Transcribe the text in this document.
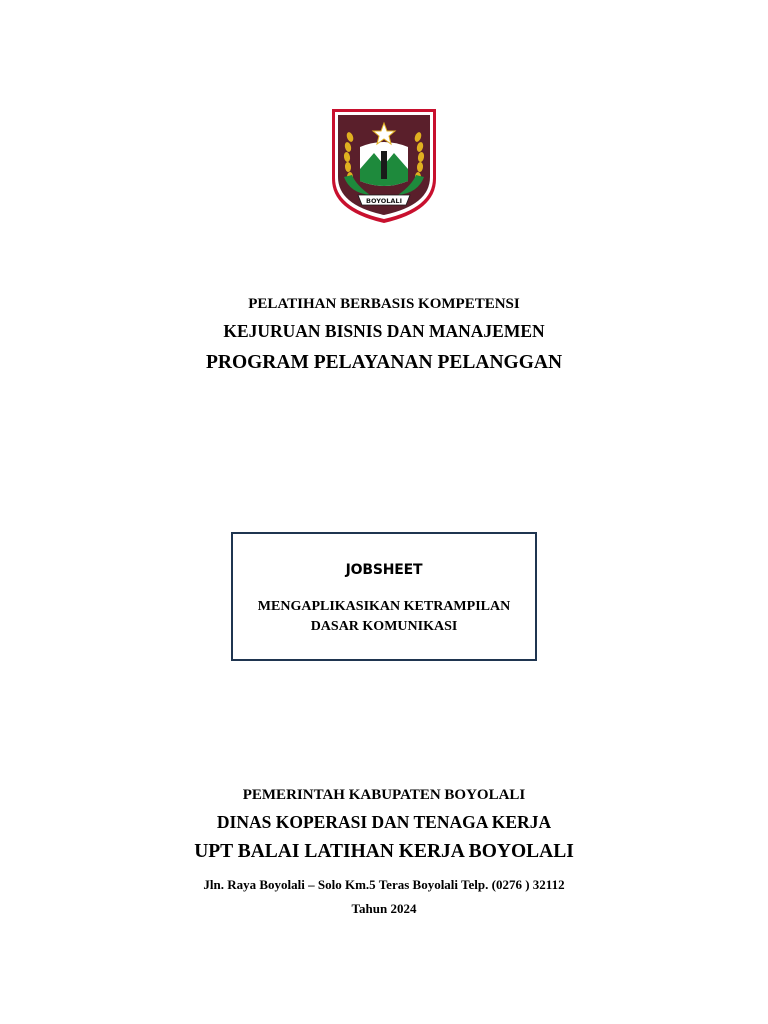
BOYOLALI
PELATIHAN BERBASIS KOMPETENSI
KEJURUAN BISNIS DAN MANAJEMEN
PROGRAM PELAYANAN PELANGGAN
JOBSHEET
MENGAPLIKASIKAN KETRAMPILAN
DASAR KOMUNIKASI
PEMERINTAH KABUPATEN BOYOLALI
DINAS KOPERASI DAN TENAGA KERJA
UPT BALAI LATIHAN KERJA BOYOLALI
Jln. Raya Boyolali – Solo Km.5 Teras Boyolali Telp. (0276 ) 32112
Tahun 2024
